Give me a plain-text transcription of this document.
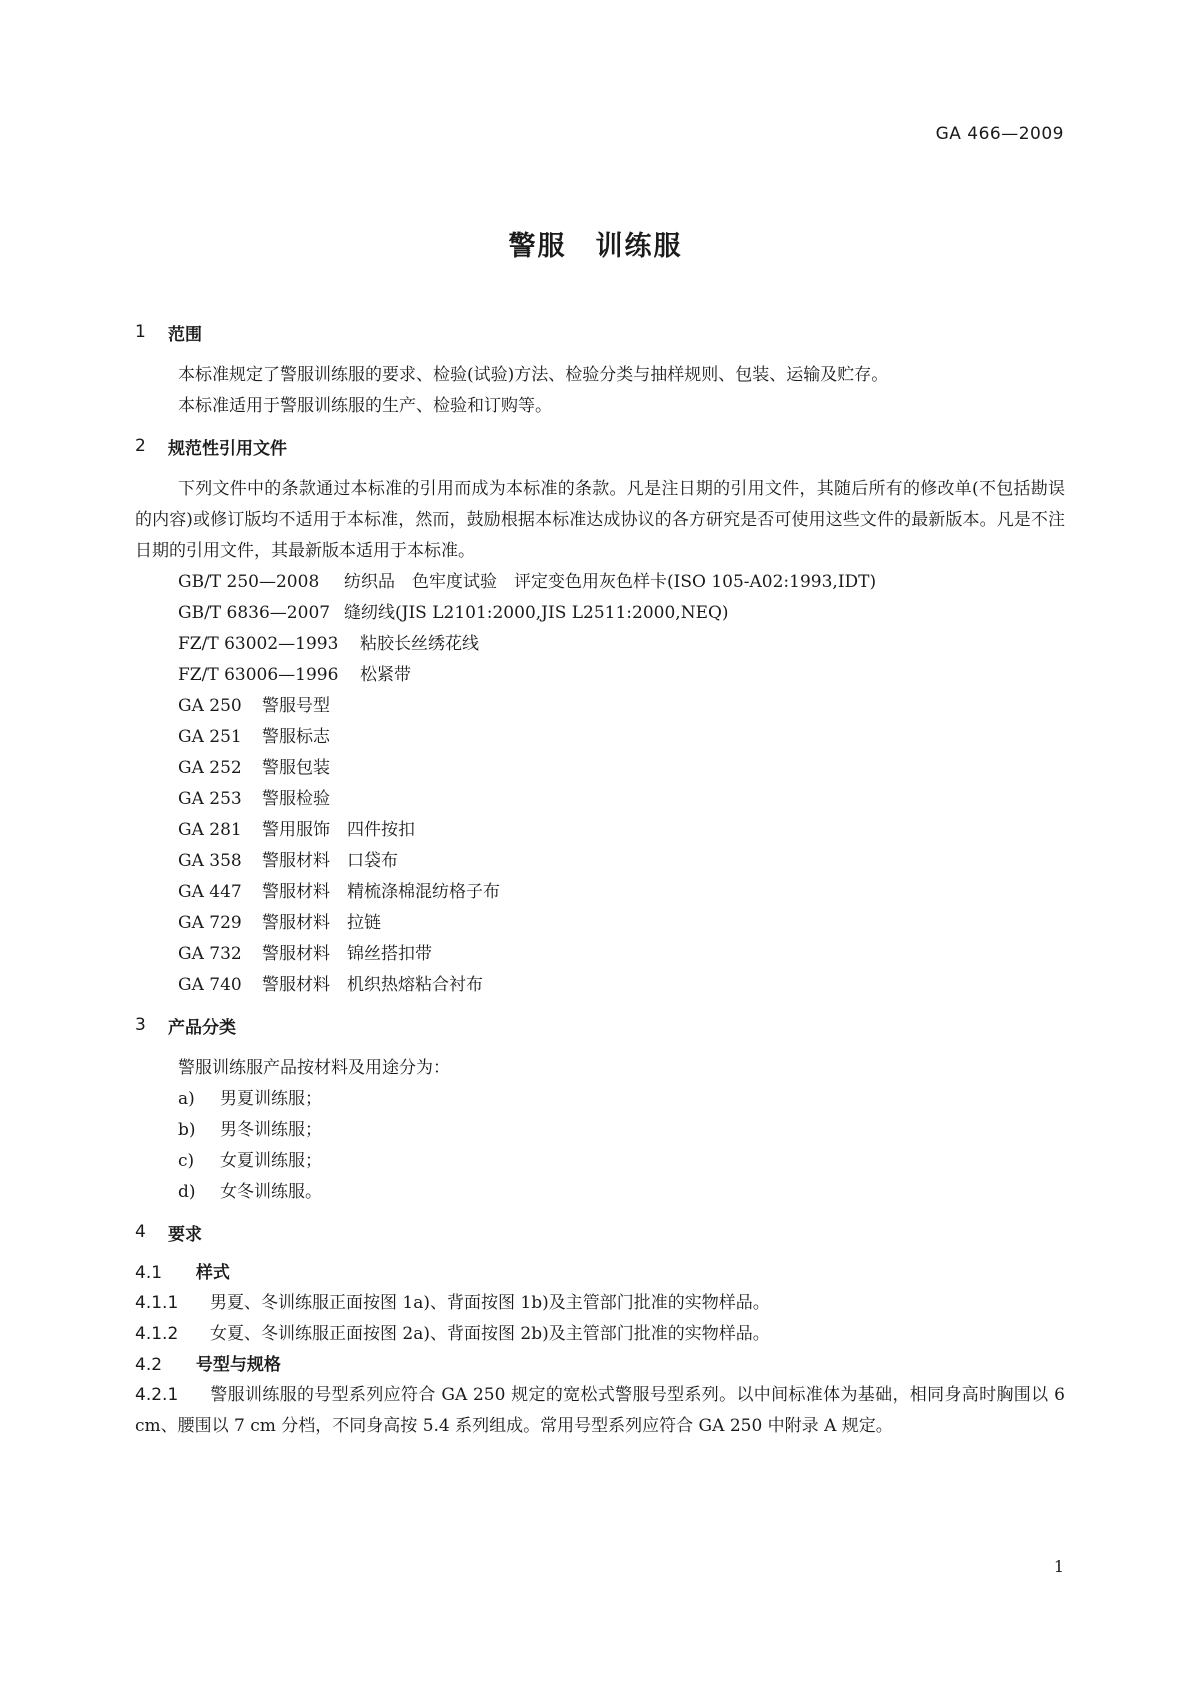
GA 466—2009
警服　训练服
1	范围
本标准规定了警服训练服的要求、检验(试验)方法、检验分类与抽样规则、包装、运输及贮存。
本标准适用于警服训练服的生产、检验和订购等。
2	规范性引用文件
下列文件中的条款通过本标准的引用而成为本标准的条款。凡是注日期的引用文件，其随后所有的修改单(不包括勘误的内容)或修订版均不适用于本标准，然而，鼓励根据本标准达成协议的各方研究是否可使用这些文件的最新版本。凡是不注日期的引用文件，其最新版本适用于本标准。
GB/T 250—2008 纺织品　色牢度试验　评定变色用灰色样卡(ISO 105-A02:1993,IDT)
GB/T 6836—2007 缝纫线(JIS L2101:2000,JIS L2511:2000,NEQ)
FZ/T 63002—1993 粘胶长丝绣花线
FZ/T 63006—1996 松紧带
GA 250 警服号型
GA 251 警服标志
GA 252 警服包装
GA 253 警服检验
GA 281 警用服饰　四件按扣
GA 358 警服材料　口袋布
GA 447 警服材料　精梳涤棉混纺格子布
GA 729 警服材料　拉链
GA 732 警服材料　锦丝搭扣带
GA 740 警服材料　机织热熔粘合衬布
3	产品分类
警服训练服产品按材料及用途分为：
a) 男夏训练服；
b) 男冬训练服；
c) 女夏训练服；
d) 女冬训练服。
4	要求
4.1 样式
4.1.1 男夏、冬训练服正面按图 1a)、背面按图 1b)及主管部门批准的实物样品。
4.1.2 女夏、冬训练服正面按图 2a)、背面按图 2b)及主管部门批准的实物样品。
4.2 号型与规格
4.2.1 警服训练服的号型系列应符合 GA 250 规定的宽松式警服号型系列。以中间标准体为基础，相同身高时胸围以 6 cm、腰围以 7 cm 分档，不同身高按 5.4 系列组成。常用号型系列应符合 GA 250 中附录 A 规定。
1
